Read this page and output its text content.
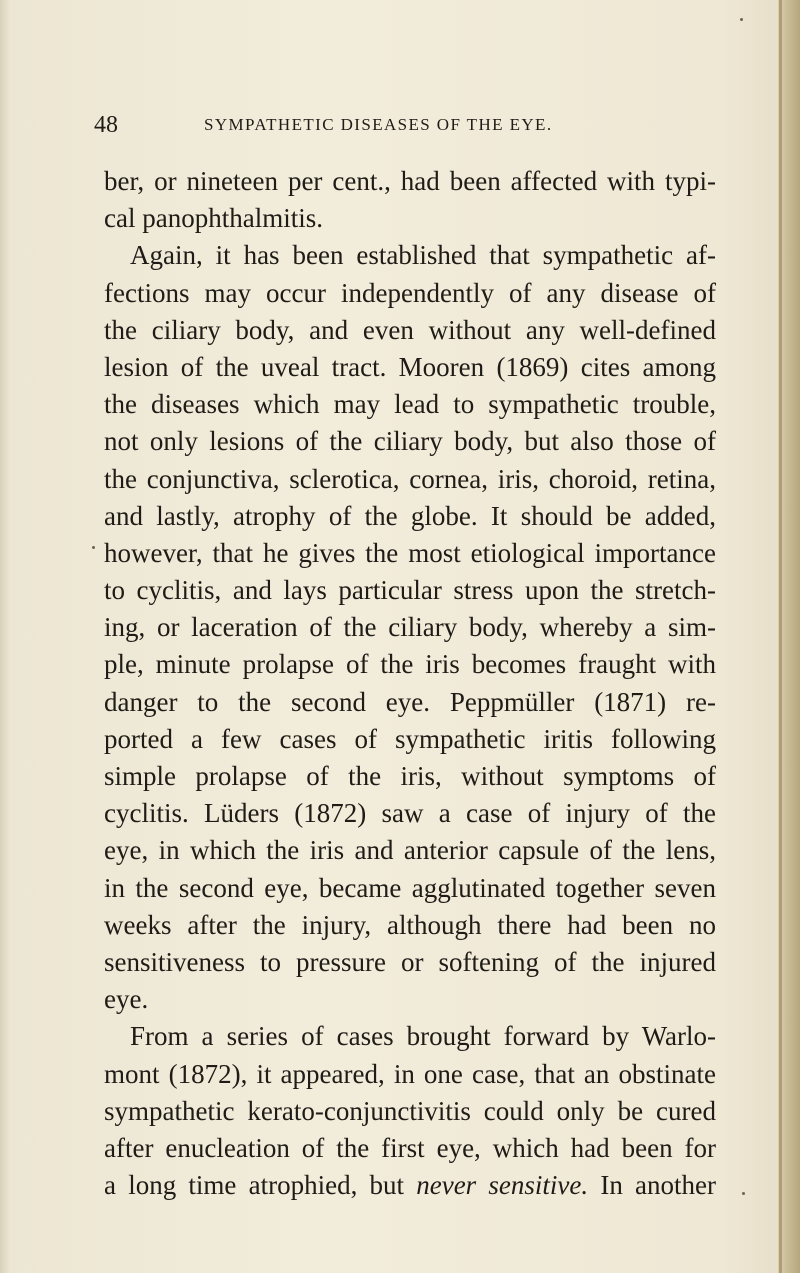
48	SYMPATHETIC DISEASES OF THE EYE.
ber, or nineteen per cent., had been affected with typi-
cal panophthalmitis.
Again, it has been established that sympathetic af-
fections may occur independently of any disease of
the ciliary body, and even without any well-defined
lesion of the uveal tract. Mooren (1869) cites among
the diseases which may lead to sympathetic trouble,
not only lesions of the ciliary body, but also those of
the conjunctiva, sclerotica, cornea, iris, choroid, retina,
and lastly, atrophy of the globe. It should be added,
however, that he gives the most etiological importance
to cyclitis, and lays particular stress upon the stretch-
ing, or laceration of the ciliary body, whereby a sim-
ple, minute prolapse of the iris becomes fraught with
danger to the second eye. Peppmüller (1871) re-
ported a few cases of sympathetic iritis following
simple prolapse of the iris, without symptoms of
cyclitis. Lüders (1872) saw a case of injury of the
eye, in which the iris and anterior capsule of the lens,
in the second eye, became agglutinated together seven
weeks after the injury, although there had been no
sensitiveness to pressure or softening of the injured
eye.
From a series of cases brought forward by Warlo-
mont (1872), it appeared, in one case, that an obstinate
sympathetic kerato-conjunctivitis could only be cured
after enucleation of the first eye, which had been for
a long time atrophied, but never sensitive. In another
